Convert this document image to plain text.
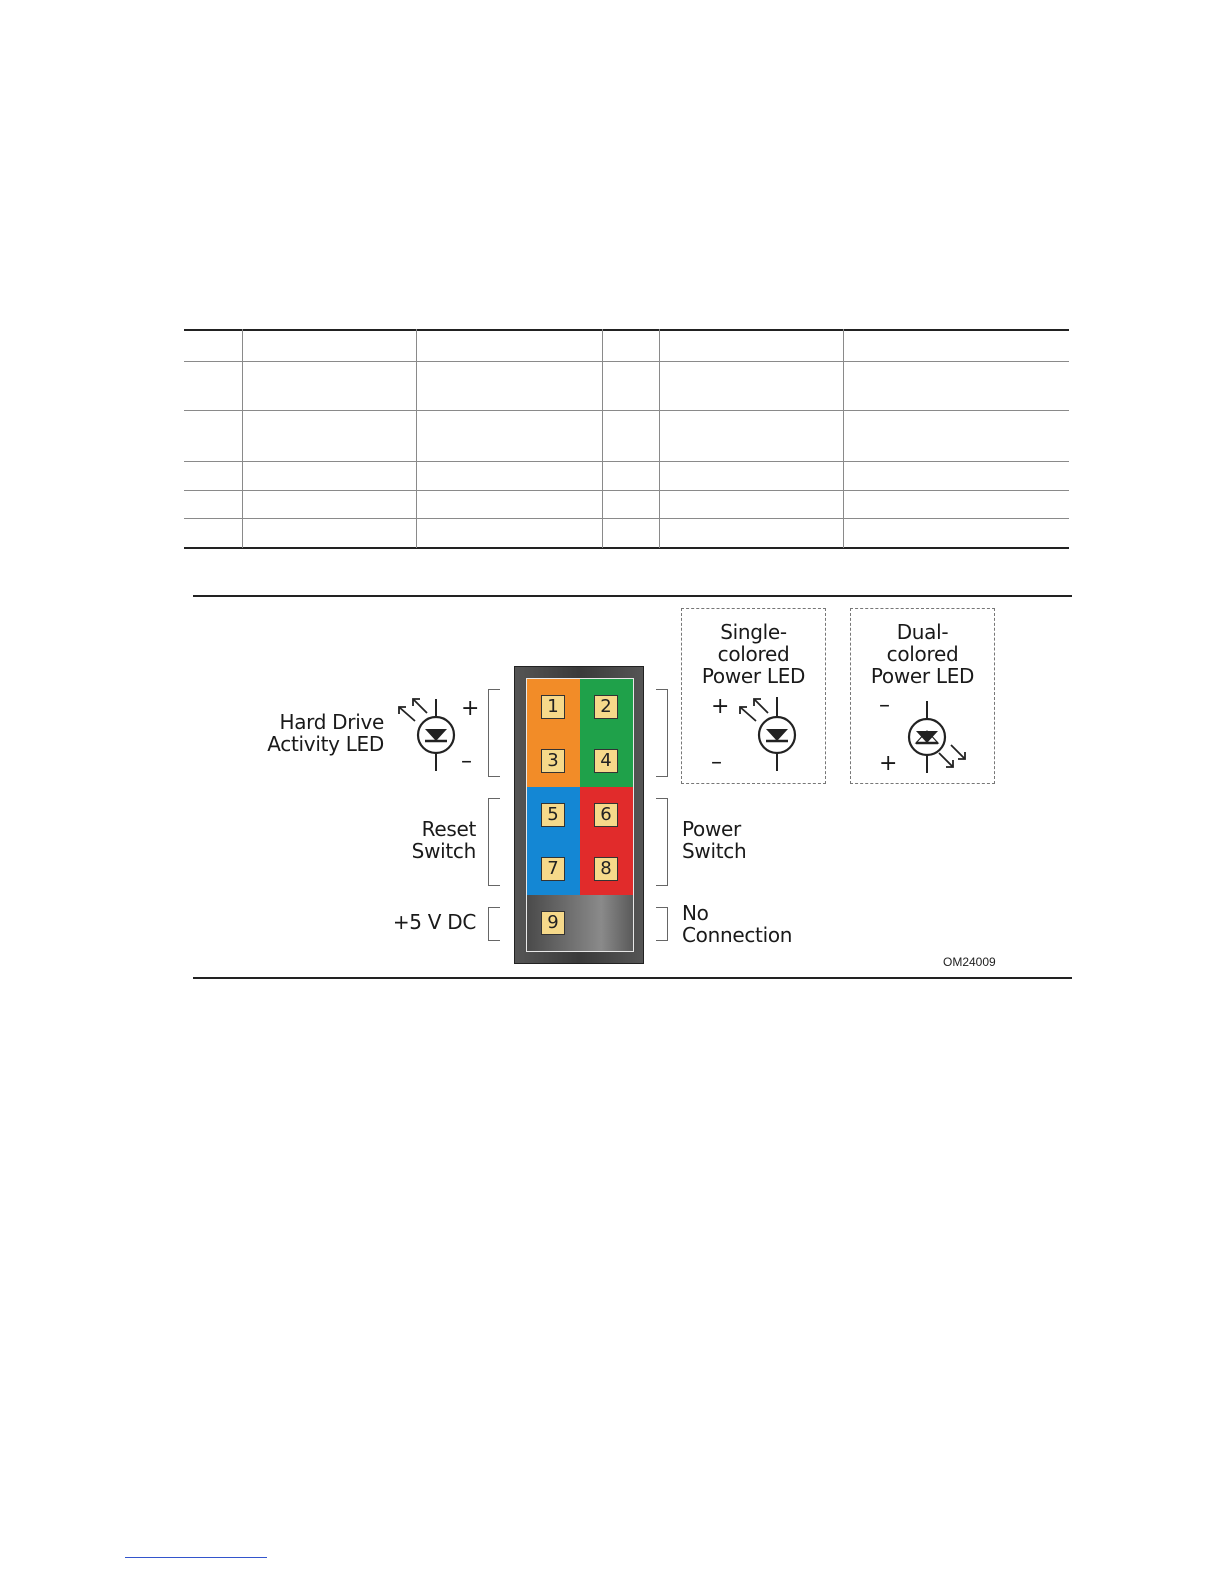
Hard Drive
Activity LED
+
–
Reset
Switch
+5 V DC
Power
Switch
No
Connection
1	2
3	4
5	6
7	8
9
Single-
colored
Power LED
+
–
Dual-
colored
Power LED
–
+
OM24009
